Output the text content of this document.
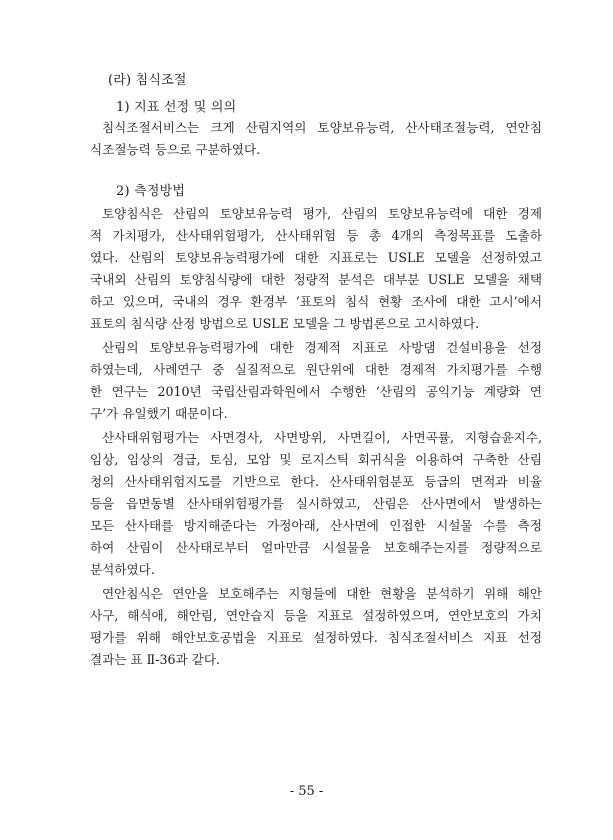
(라) 침식조절
1) 지표 선정 및 의의
침식조절서비스는 크게 산림지역의 토양보유능력, 산사태조절능력, 연안침
식조절능력 등으로 구분하였다.
2) 측정방법
토양침식은 산림의 토양보유능력 평가, 산림의 토양보유능력에 대한 경제
적 가치평가, 산사태위험평가, 산사태위험 등 총 4개의 측정목표를 도출하
였다. 산림의 토양보유능력평가에 대한 지표로는 USLE 모델을 선정하였고
국내외 산림의 토양침식량에 대한 정량적 분석은 대부분 USLE 모델을 채택
하고 있으며, 국내의 경우 환경부 ‘표토의 침식 현황 조사에 대한 고시’에서
표토의 침식량 산정 방법으로 USLE 모델을 그 방법론으로 고시하였다.
산림의 토양보유능력평가에 대한 경제적 지표로 사방댐 건설비용을 선정
하였는데, 사례연구 중 실질적으로 원단위에 대한 경제적 가치평가를 수행
한 연구는 2010년 국립산림과학원에서 수행한 ‘산림의 공익기능 계량화 연
구’가 유일했기 때문이다.
산사태위험평가는 사면경사, 사면방위, 사면길이, 사면곡률, 지형습윤지수,
임상, 임상의 경급, 토심, 모암 및 로지스틱 회귀식을 이용하여 구축한 산림
청의 산사태위험지도를 기반으로 한다. 산사태위험분포 등급의 면적과 비율
등을 읍면동별 산사태위험평가를 실시하였고, 산림은 산사면에서 발생하는
모든 산사태를 방지해준다는 가정아래, 산사면에 인접한 시설물 수를 측정
하여 산림이 산사태로부터 얼마만큼 시설물을 보호해주는지를 정량적으로
분석하였다.
연안침식은 연안을 보호해주는 지형들에 대한 현황을 분석하기 위해 해안
사구, 해식애, 해안림, 연안습지 등을 지표로 설정하였으며, 연안보호의 가치
평가를 위해 해안보호공법을 지표로 설정하였다. 침식조절서비스 지표 선정
결과는 표 Ⅱ-36과 같다.
- 55 -
